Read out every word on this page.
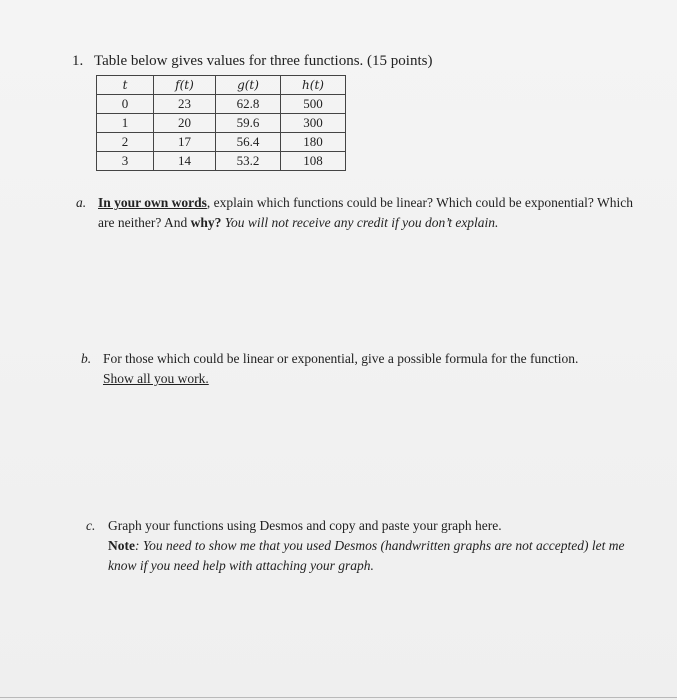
1. Table below gives values for three functions. (15 points)
t	f(t)	g(t)	h(t)
0	23	62.8	500
1	20	59.6	300
2	17	56.4	180
3	14	53.2	108
a. In your own words, explain which functions could be linear? Which could be exponential? Which are neither? And why? You will not receive any credit if you don’t explain.
b. For those which could be linear or exponential, give a possible formula for the function.
Show all you work.
c. Graph your functions using Desmos and copy and paste your graph here.
Note: You need to show me that you used Desmos (handwritten graphs are not accepted) let me know if you need help with attaching your graph.
